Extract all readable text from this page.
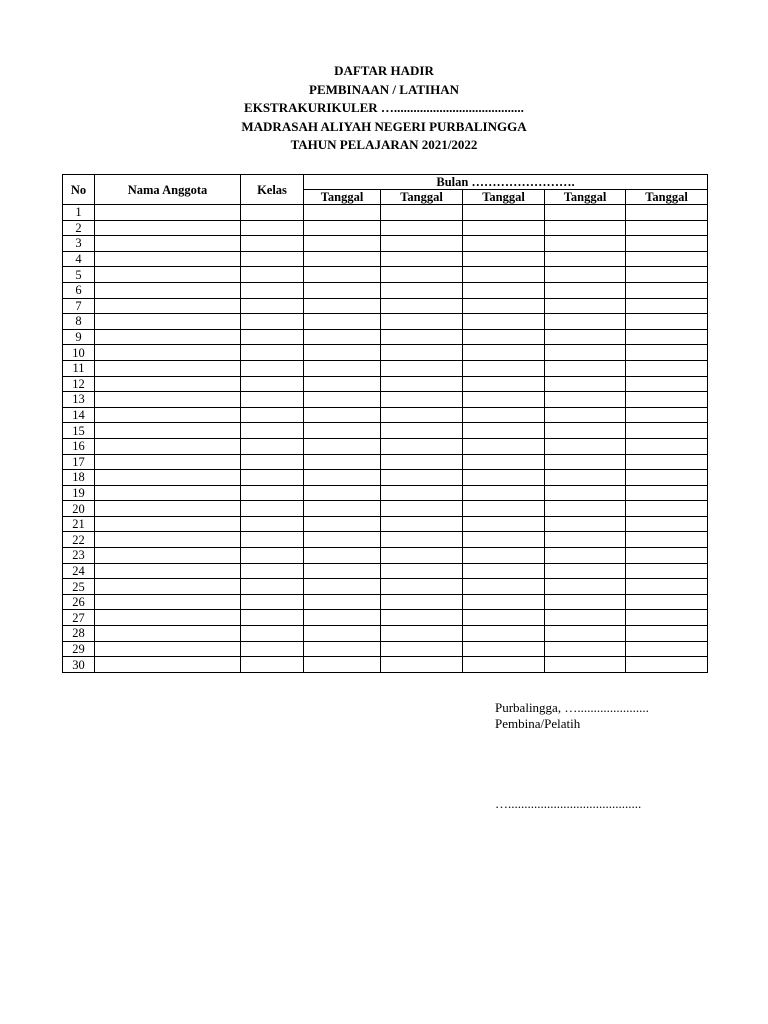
DAFTAR HADIR
PEMBINAAN / LATIHAN
EKSTRAKURIKULER …........................................
MADRASAH ALIYAH NEGERI PURBALINGGA
TAHUN PELAJARAN 2021/2022
No	Nama Anggota	Kelas	Bulan …………………….				
			Tanggal	Tanggal	Tanggal	Tanggal	Tanggal
1							
2							
3							
4							
5							
6							
7							
8							
9							
10							
11							
12							
13							
14							
15							
16							
17							
18							
19							
20							
21							
22							
23							
24							
25							
26							
27							
28							
29							
30							
Purbalingga, …......................
Pembina/Pelatih
….........................................
